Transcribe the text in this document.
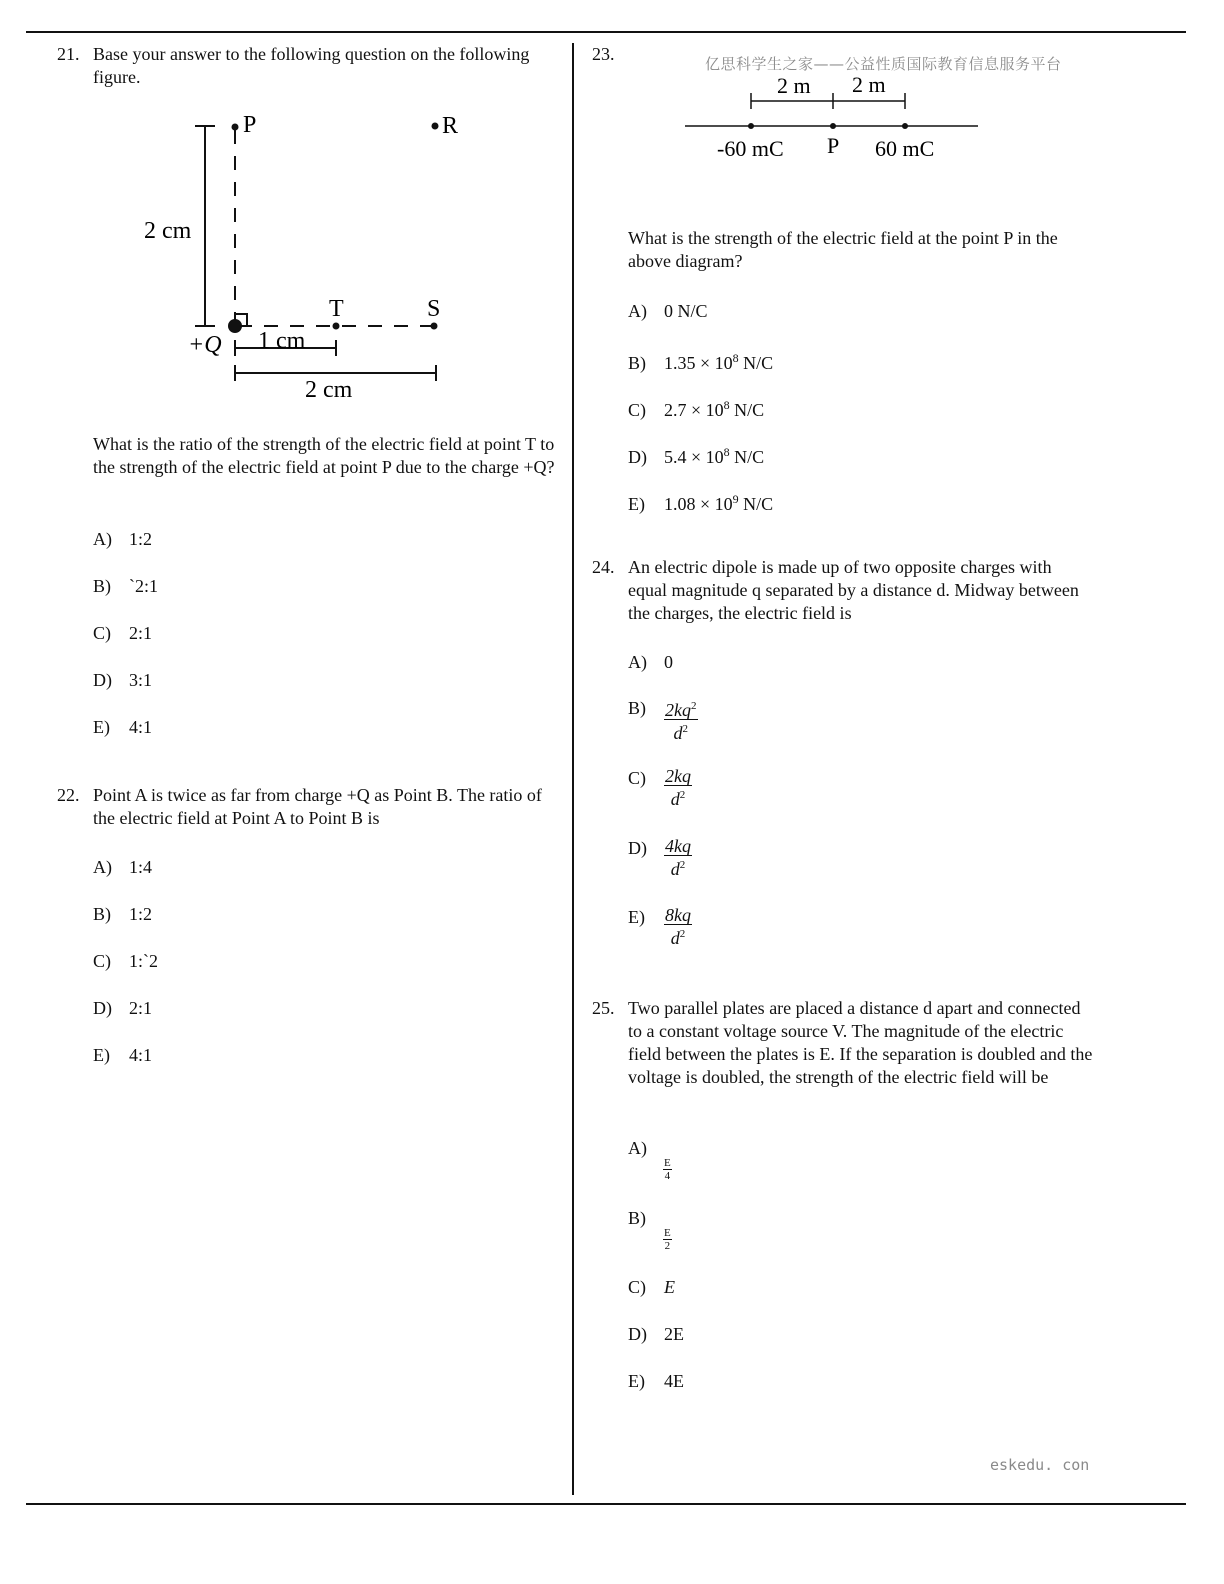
亿思科学生之家——公益性质国际教育信息服务平台
21. Base your answer to the following question on the following figure.
2 cm
P	R
+Q
T	S
1 cm
2 cm
What is the ratio of the strength of the electric field at point T to the strength of the electric field at point P due to the charge +Q?
A) 1:2
B) `2:1
C) 2:1
D) 3:1
E) 4:1
22. Point A is twice as far from charge +Q as Point B. The ratio of the electric field at Point A to Point B is
A) 1:4
B) 1:2
C) 1:`2
D) 2:1
E) 4:1
23.
2 m 2 m
-60 mC P 60 mC
What is the strength of the electric field at the point P in the above diagram?
A) 0 N/C
B) $1.35 \times 10^8$ N/C
C) $2.7 \times 10^8$ N/C
D) $5.4 \times 10^8$ N/C
E) $1.08 \times 10^9$ N/C
24. An electric dipole is made up of two opposite charges with equal magnitude q separated by a distance d. Midway between the charges, the electric field is
A) 0
$B) \frac{2kq^2}{d^2}$
$C) \frac{2kq}{d^2}$
$D) \frac{4kq}{d^2}$
$E) \frac{8kq}{d^2}$
25. Two parallel plates are placed a distance d apart and connected to a constant voltage source V. The magnitude of the electric field between the plates is E. If the separation is doubled and the voltage is doubled, the strength of the electric field will be
A)
$\frac{E}{4}$
B)
$\frac{E}{2}$
C) E
D) 2E
E) 4E
eskedu. con
